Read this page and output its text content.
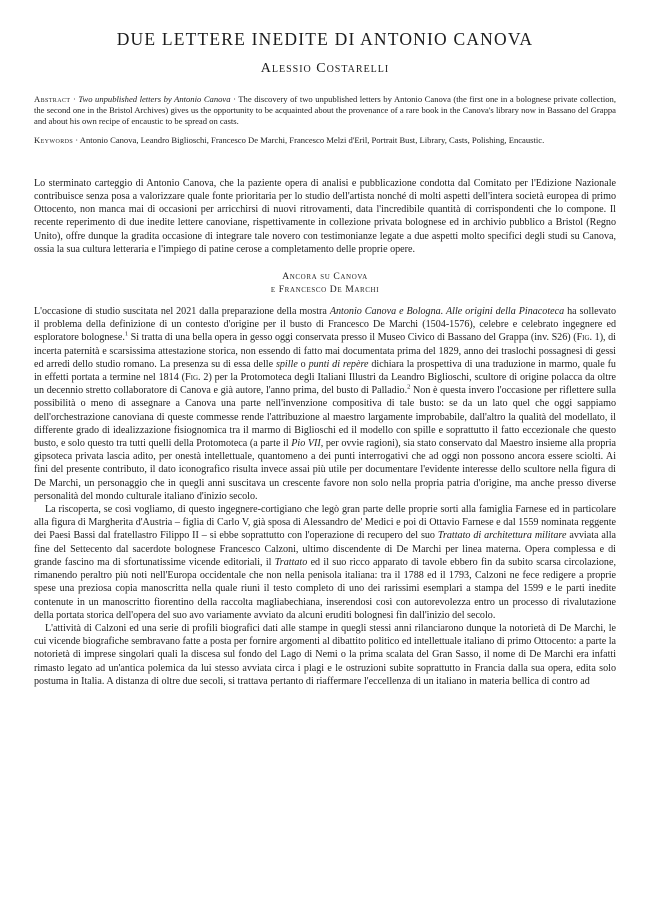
DUE LETTERE INEDITE DI ANTONIO CANOVA
Alessio Costarelli

Abstract · Two unpublished letters by Antonio Canova · The discovery of two unpublished letters by Antonio Canova (the first one in a bolognese private collection, the second one in the Bristol Archives) gives us the opportunity to be acquainted about the provenance of a rare book in the Canova's library now in Bassano del Grappa and about his own recipe of encaustic to be spread on casts.

Keywords · Antonio Canova, Leandro Biglioschi, Francesco De Marchi, Francesco Melzi d'Eril, Portrait Bust, Library, Casts, Polishing, Encaustic.

Lo sterminato carteggio di Antonio Canova, che la paziente opera di analisi e pubblicazione condotta dal Comitato per l'Edizione Nazionale contribuisce senza posa a valorizzare quale fonte prioritaria per lo studio dell'artista nonché di molti aspetti dell'intera società europea di primo Ottocento, non manca mai di occasioni per arricchirsi di nuovi ritrovamenti, data l'incredibile quantità di corrispondenti che lo compone. Il recente reperimento di due inedite lettere canoviane, rispettivamente in collezione privata bolognese ed in archivio pubblico a Bristol (Regno Unito), offre dunque la gradita occasione di integrare tale novero con testimonianze legate a due aspetti molto specifici degli studi su Canova, ossia la sua cultura letteraria e l'impiego di patine cerose a completamento delle proprie opere.
Ancora su Canova
e Francesco De Marchi

L'occasione di studio suscitata nel 2021 dalla preparazione della mostra Antonio Canova e Bologna. Alle origini della Pinacoteca ha sollevato il problema della definizione di un contesto d'origine per il busto di Francesco De Marchi (1504-1576), celebre e celebrato ingegnere ed esploratore bolognese.$^1$ Si tratta di una bella opera in gesso oggi conservata presso il Museo Civico di Bassano del Grappa (inv. S26) (Fig. 1), di incerta paternità e scarsissima attestazione storica, non essendo di fatto mai documentata prima del 1829, anno dei traslochi possagnesi di gessi ed arredi dello studio romano. La presenza su di essa delle spille o punti di repère dichiara la prospettiva di una traduzione in marmo, quale fu in effetti portata a termine nel 1814 (Fig. 2) per la Protomoteca degli Italiani Illustri da Leandro Biglioschi, scultore di origine polacca da oltre un decennio stretto collaboratore di Canova e già autore, l'anno prima, del busto di Palladio.$^2$ Non è questa invero l'occasione per riflettere sulla possibilità o meno di assegnare a Canova una parte nell'invenzione compositiva di tale busto: se da un lato quel che oggi sappiamo dell'orchestrazione canoviana di queste commesse rende l'attribuzione al maestro largamente improbabile, dall'altro la qualità del modellato, il differente grado di idealizzazione fisiognomica tra il marmo di Biglioschi ed il modello con spille e soprattutto il fatto eccezionale che questo busto, e solo questo tra tutti quelli della Protomoteca (a parte il Pio VII, per ovvie ragioni), sia stato conservato dal Maestro insieme alla propria gipsoteca privata lascia adito, per onestà intellettuale, quantomeno a dei punti interrogativi che ad oggi non possono ancora essere sciolti. Ai fini del presente contributo, il dato iconografico risulta invece assai più utile per documentare l'evidente interesse dello scultore nella figura di De Marchi, un personaggio che in quegli anni suscitava un crescente favore non solo nella propria patria d'origine, ma anche presso diverse personalità del mondo culturale italiano d'inizio secolo.

La riscoperta, se così vogliamo, di questo ingegnere-cortigiano che legò gran parte delle proprie sorti alla famiglia Farnese ed in particolare alla figura di Margherita d'Austria – figlia di Carlo V, già sposa di Alessandro de' Medici e poi di Ottavio Farnese e dal 1559 nominata reggente dei Paesi Bassi dal fratellastro Filippo II – si ebbe soprattutto con l'operazione di recupero del suo Trattato di architettura militare avviata alla fine del Settecento dal sacerdote bolognese Francesco Calzoni, ultimo discendente di De Marchi per linea materna. Opera complessa e di grande fascino ma di sfortunatissime vicende editoriali, il Trattato ed il suo ricco apparato di tavole ebbero fin da subito scarsa circolazione, rimanendo peraltro più noti nell'Europa occidentale che non nella penisola italiana: tra il 1788 ed il 1793, Calzoni ne fece redigere a proprie spese una preziosa copia manoscritta nella quale riunì il testo completo di uno dei rarissimi esemplari a stampa del 1599 e le parti inedite contenute in un manoscritto fiorentino della raccolta magliabechiana, inserendosi così con autorevolezza entro un processo di rivalutazione della portata storica dell'opera del suo avo variamente avviato da alcuni eruditi bolognesi fin dall'inizio del secolo.

L'attività di Calzoni ed una serie di profili biografici dati alle stampe in quegli stessi anni rilanciarono dunque la notorietà di De Marchi, le cui vicende biografiche sembravano fatte a posta per fornire argomenti al dibattito politico ed intellettuale italiano di primo Ottocento: a parte la notorietà di imprese singolari quali la discesa sul fondo del Lago di Nemi o la prima scalata del Gran Sasso, il nome di De Marchi era infatti rimasto legato ad un'antica polemica da lui stesso avviata circa i plagi e le ostruzioni subite soprattutto in Francia dalla sua opera, edita solo postuma in Italia. A distanza di oltre due secoli, si trattava pertanto di riaffermare l'eccellenza di un italiano in materia bellica di contro ad
